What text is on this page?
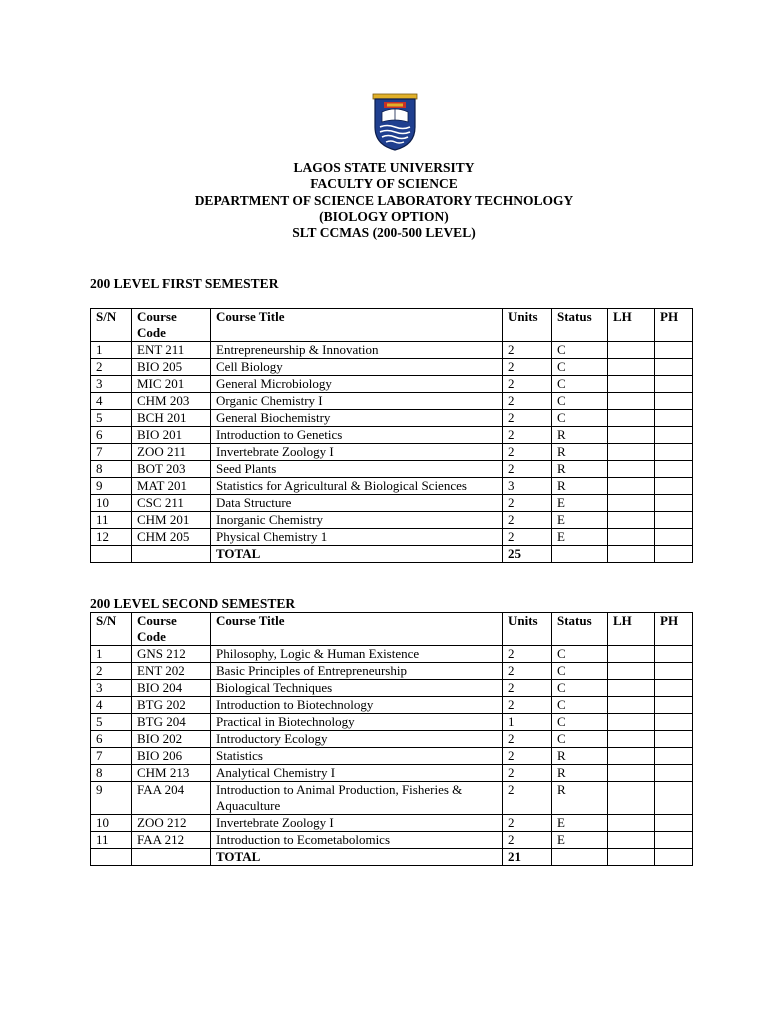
LAGOS STATE UNIVERSITY
FACULTY OF SCIENCE
DEPARTMENT OF SCIENCE LABORATORY TECHNOLOGY
(BIOLOGY OPTION)
SLT CCMAS (200-500 LEVEL)
200 LEVEL FIRST SEMESTER
S/N	Course Code	Course Title	Units	Status	LH	PH
1	ENT 211	Entrepreneurship & Innovation	2	C		
2	BIO 205	Cell Biology	2	C		
3	MIC 201	General Microbiology	2	C		
4	CHM 203	Organic Chemistry I	2	C		
5	BCH 201	General Biochemistry	2	C		
6	BIO 201	Introduction to Genetics	2	R		
7	ZOO 211	Invertebrate Zoology I	2	R		
8	BOT 203	Seed Plants	2	R		
9	MAT 201	Statistics for Agricultural & Biological Sciences	3	R		
10	CSC 211	Data Structure	2	E		
11	CHM 201	Inorganic Chemistry	2	E		
12	CHM 205	Physical Chemistry 1	2	E		
		TOTAL	25			
200 LEVEL SECOND SEMESTER
S/N	Course Code	Course Title	Units	Status	LH	PH
1	GNS 212	Philosophy, Logic & Human Existence	2	C		
2	ENT 202	Basic Principles of Entrepreneurship	2	C		
3	BIO 204	Biological Techniques	2	C		
4	BTG 202	Introduction to Biotechnology	2	C		
5	BTG 204	Practical in Biotechnology	1	C		
6	BIO 202	Introductory Ecology	2	C		
7	BIO 206	Statistics	2	R		
8	CHM 213	Analytical Chemistry I	2	R		
9	FAA 204	Introduction to Animal Production, Fisheries & Aquaculture	2	R		
10	ZOO 212	Invertebrate Zoology I	2	E		
11	FAA 212	Introduction to Ecometabolomics	2	E		
		TOTAL	21			
